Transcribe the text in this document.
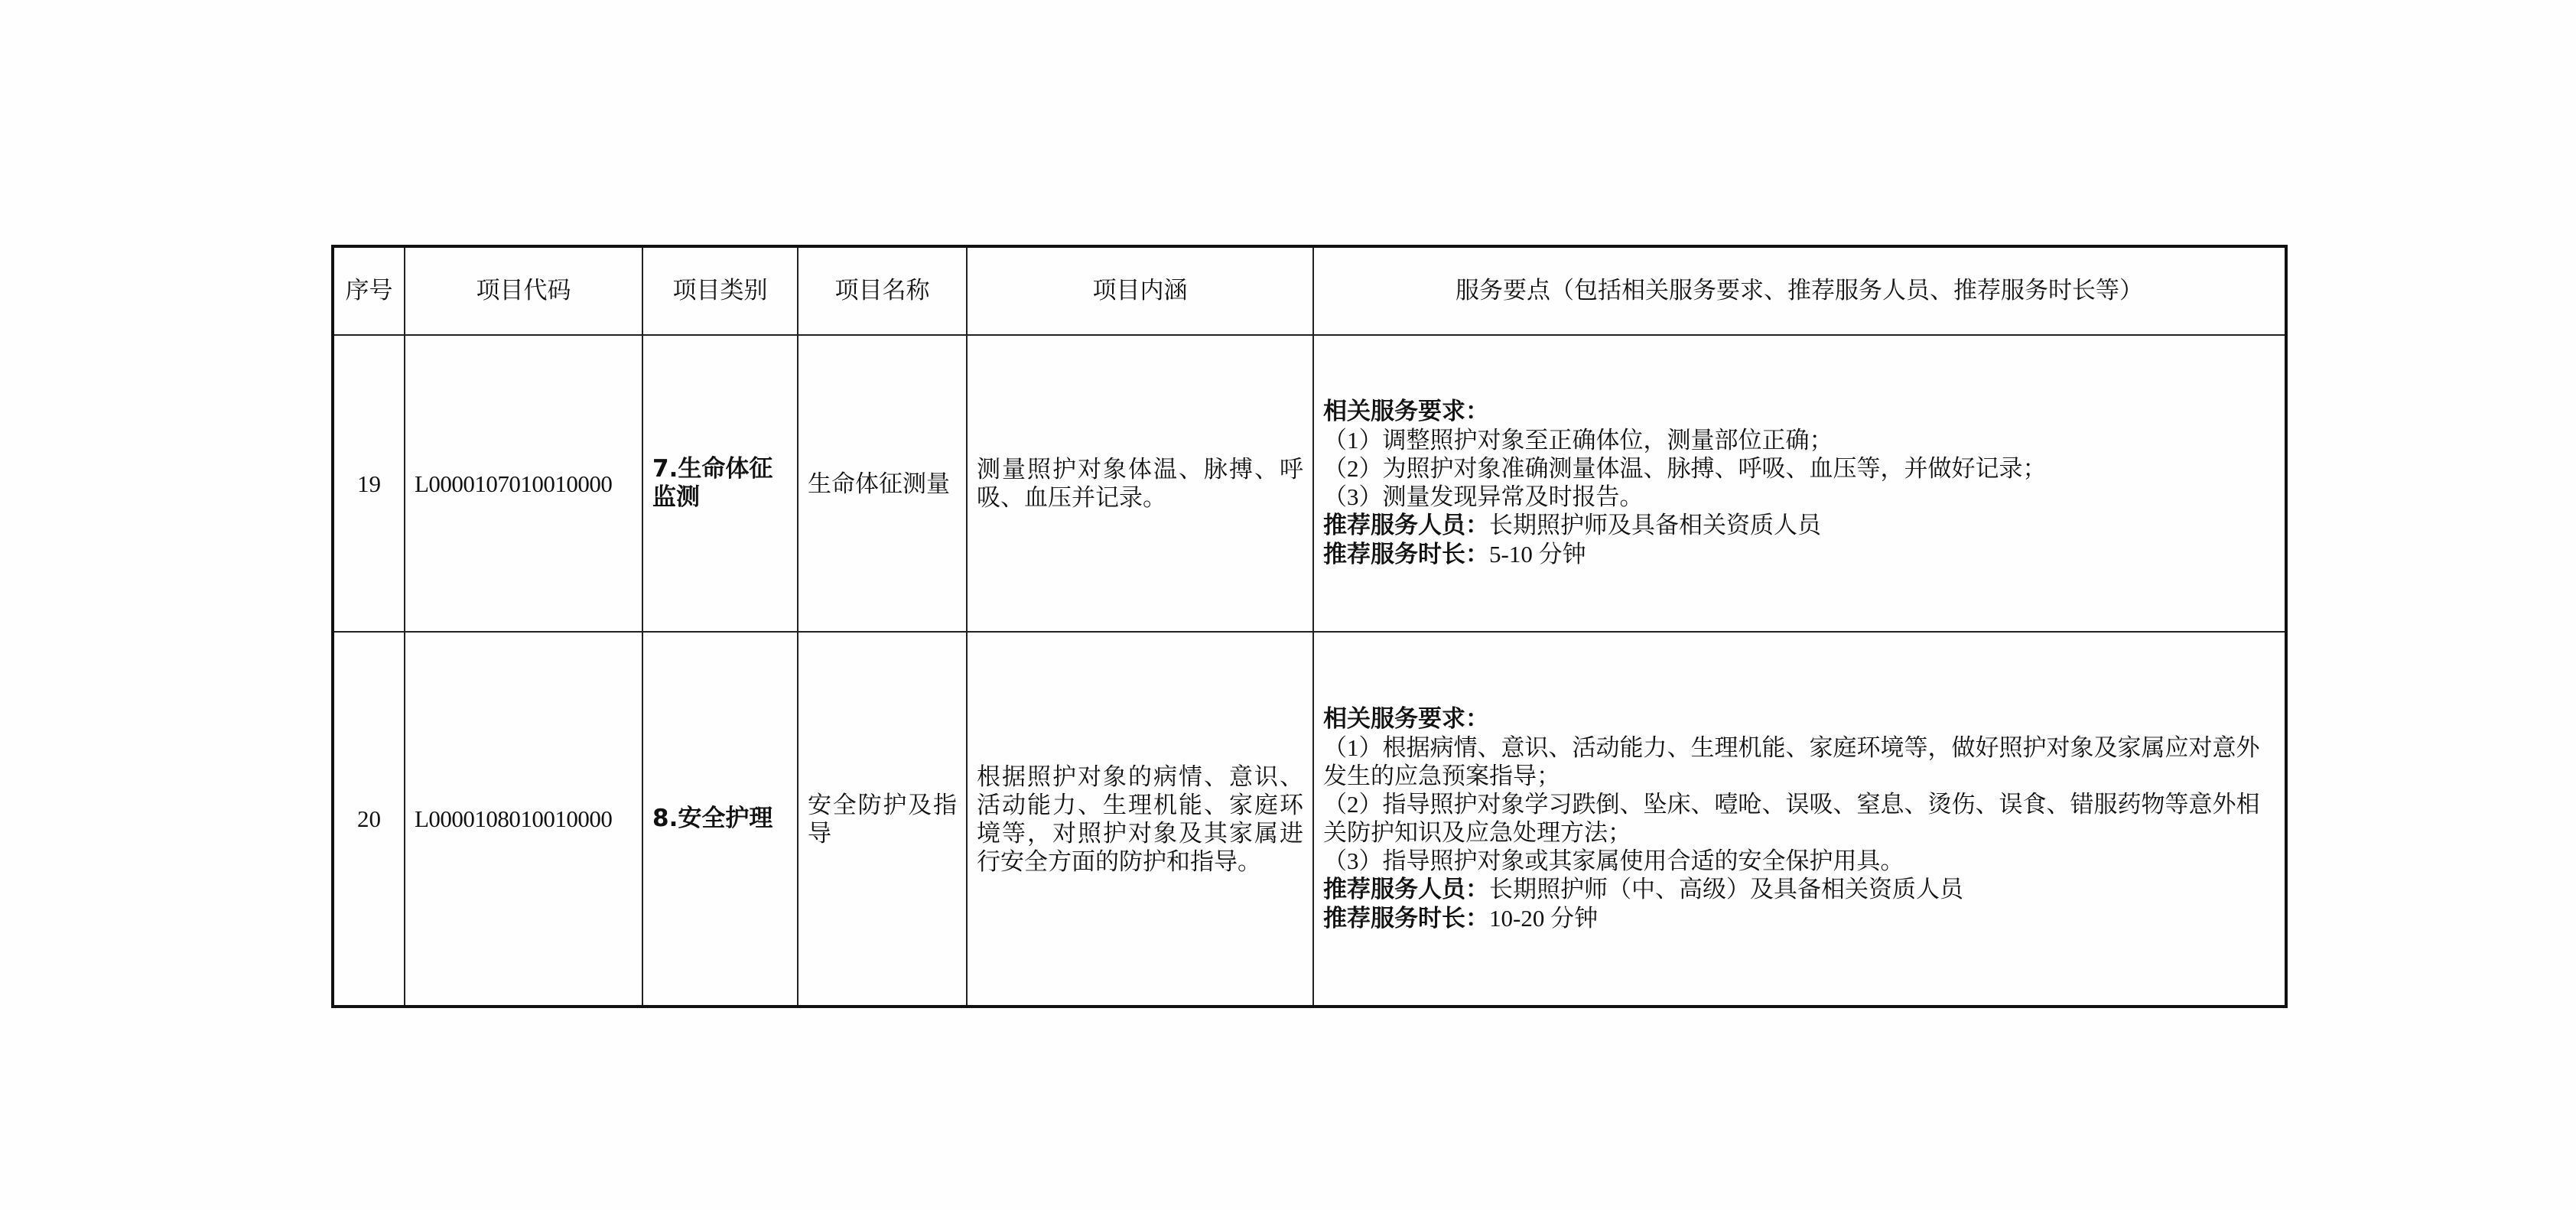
序号	项目代码	项目类别	项目名称	项目内涵	服务要点（包括相关服务要求、推荐服务人员、推荐服务时长等）
19	L0000107010010000	7.生命体征监测	生命体征测量	测量照护对象体温、脉搏、呼吸、血压并记录。	
相关服务要求：
（1）调整照护对象至正确体位，测量部位正确；
（2）为照护对象准确测量体温、脉搏、呼吸、血压等，并做好记录；
（3）测量发现异常及时报告。
推荐服务人员：长期照护师及具备相关资质人员
推荐服务时长：5-10 分钟

20	L0000108010010000	8.安全护理	安全防护及指导	根据照护对象的病情、意识、活动能力、生理机能、家庭环境等，对照护对象及其家属进行安全方面的防护和指导。	
相关服务要求：
（1）根据病情、意识、活动能力、生理机能、家庭环境等，做好照护对象及家属应对意外发生的应急预案指导；
（2）指导照护对象学习跌倒、坠床、噎呛、误吸、窒息、烫伤、误食、错服药物等意外相关防护知识及应急处理方法；
（3）指导照护对象或其家属使用合适的安全保护用具。
推荐服务人员：长期照护师（中、高级）及具备相关资质人员
推荐服务时长：10-20 分钟
